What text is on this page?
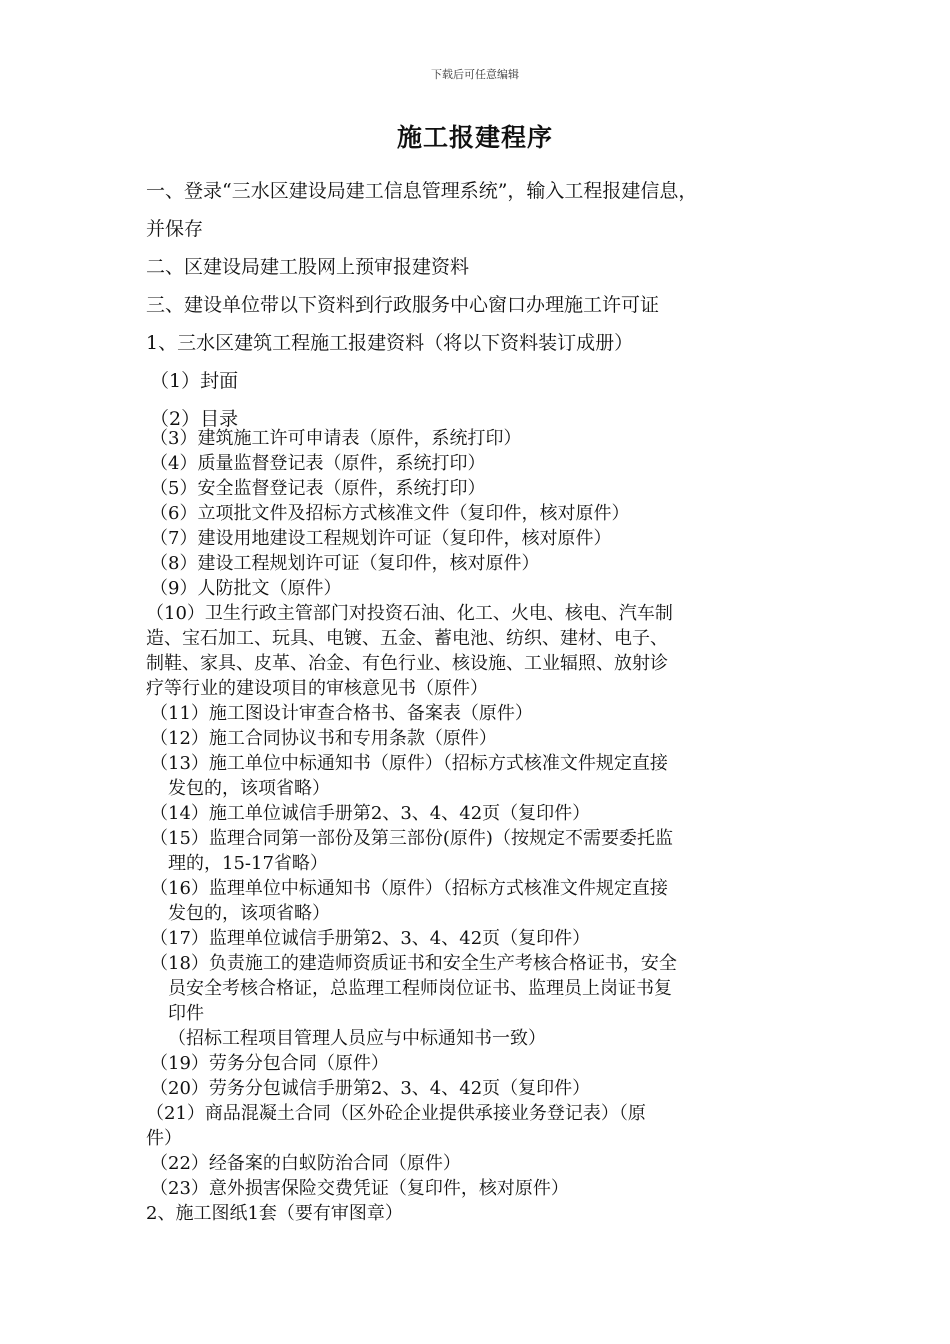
下载后可任意编辑
施工报建程序

一、登录“三水区建设局建工信息管理系统”，输入工程报建信息，

并保存

二、区建设局建工股网上预审报建资料

三、建设单位带以下资料到行政服务中心窗口办理施工许可证

1、三水区建筑工程施工报建资料（将以下资料装订成册）

（1）封面

（2）目录

（3）建筑施工许可申请表（原件，系统打印）

（4）质量监督登记表（原件，系统打印）

（5）安全监督登记表（原件，系统打印）

（6）立项批文件及招标方式核准文件（复印件，核对原件）

（7）建设用地建设工程规划许可证（复印件，核对原件）

（8）建设工程规划许可证（复印件，核对原件）

（9）人防批文（原件）

（10）卫生行政主管部门对投资石油、化工、火电、核电、汽车制

造、宝石加工、玩具、电镀、五金、蓄电池、纺织、建材、电子、

制鞋、家具、皮革、冶金、有色行业、核设施、工业辐照、放射诊

疗等行业的建设项目的审核意见书（原件）

（11）施工图设计审查合格书、备案表（原件）

（12）施工合同协议书和专用条款（原件）

（13）施工单位中标通知书（原件）（招标方式核准文件规定直接

发包的，该项省略）

（14）施工单位诚信手册第2、3、4、42页（复印件）

（15）监理合同第一部份及第三部份(原件)（按规定不需要委托监

理的，15-17省略）

（16）监理单位中标通知书（原件）（招标方式核准文件规定直接

发包的，该项省略）

（17）监理单位诚信手册第2、3、4、42页（复印件）

（18）负责施工的建造师资质证书和安全生产考核合格证书，安全

员安全考核合格证，总监理工程师岗位证书、监理员上岗证书复

印件

（招标工程项目管理人员应与中标通知书一致）

（19）劳务分包合同（原件）

（20）劳务分包诚信手册第2、3、4、42页（复印件）

（21）商品混凝土合同（区外砼企业提供承接业务登记表）（原

件）

（22）经备案的白蚁防治合同（原件）

（23）意外损害保险交费凭证（复印件，核对原件）

2、施工图纸1套（要有审图章）
